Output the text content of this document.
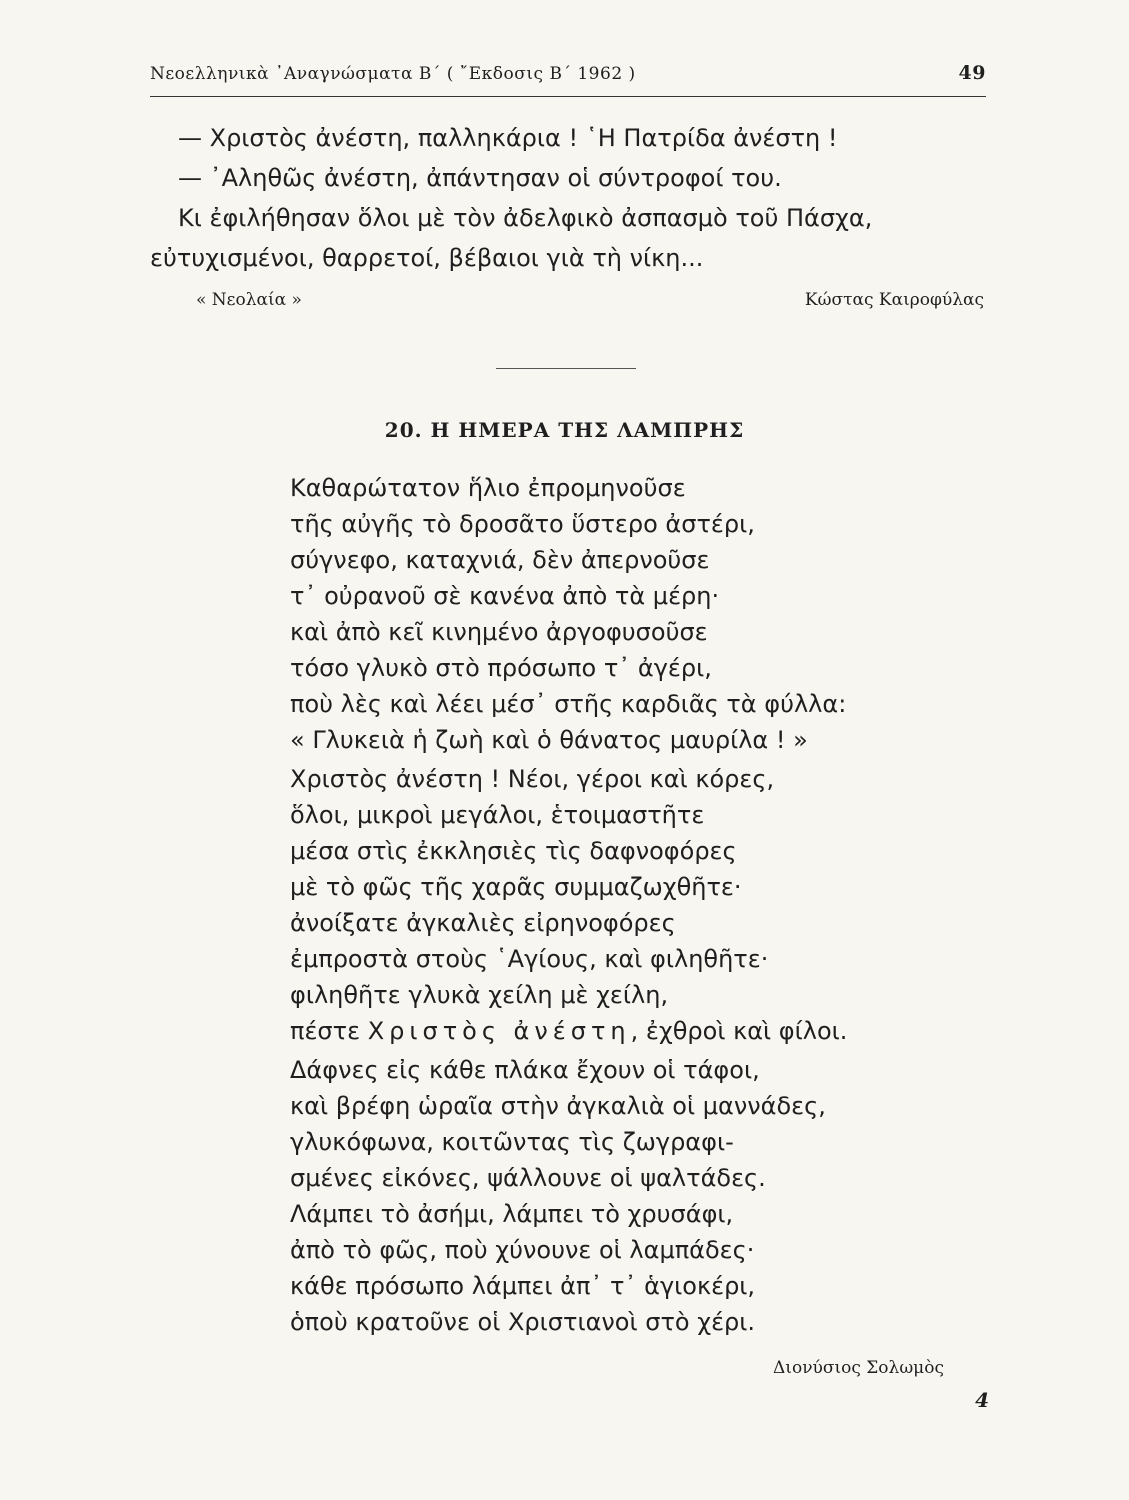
Νεοελληνικὰ ᾿Αναγνώσματα Β΄ ( ῎Εκδοσις Β΄ 1962 )	49
— Χριστὸς ἀνέστη, παλληκάρια ! ῾Η Πατρίδα ἀνέστη !
— ᾿Αληθῶς ἀνέστη, ἀπάντησαν οἱ σύντροφοί του.
Κι ἐφιλήθησαν ὅλοι μὲ τὸν ἀδελφικὸ ἀσπασμὸ τοῦ Πάσχα,
εὐτυχισμένοι, θαρρετοί, βέβαιοι γιὰ τὴ νίκη...
« Νεολαία »	Κώστας Καιροφύλας
20. Η ΗΜΕΡΑ ΤΗΣ ΛΑΜΠΡΗΣ
Καθαρώτατον ἥλιο ἐπρομηνοῦσε
τῆς αὐγῆς τὸ δροσᾶτο ὕστερο ἀστέρι,
σύγνεφο, καταχνιά, δὲν ἀπερνοῦσε
τ᾿ οὐρανοῦ σὲ κανένα ἀπὸ τὰ μέρη·
καὶ ἀπὸ κεῖ κινημένο ἀργοφυσοῦσε
τόσο γλυκὸ στὸ πρόσωπο τ᾿ ἀγέρι,
ποὺ λὲς καὶ λέει μέσ᾿ στῆς καρδιᾶς τὰ φύλλα:
« Γλυκειὰ ἡ ζωὴ καὶ ὁ θάνατος μαυρίλα ! »
Χριστὸς ἀνέστη ! Νέοι, γέροι καὶ κόρες,
ὅλοι, μικροὶ μεγάλοι, ἑτοιμαστῆτε
μέσα στὶς ἐκκλησιὲς τὶς δαφνοφόρες
μὲ τὸ φῶς τῆς χαρᾶς συμμαζωχθῆτε·
ἀνοίξατε ἀγκαλιὲς εἰρηνοφόρες
ἐμπροστὰ στοὺς ῾Αγίους, καὶ φιληθῆτε·
φιληθῆτε γλυκὰ χείλη μὲ χείλη,
πέστε Χριστὸς ἀνέστη, ἐχθροὶ καὶ φίλοι.
Δάφνες εἰς κάθε πλάκα ἔχουν οἱ τάφοι,
καὶ βρέφη ὡραῖα στὴν ἀγκαλιὰ οἱ μαννάδες,
γλυκόφωνα, κοιτῶντας τὶς ζωγραφι-
σμένες εἰκόνες, ψάλλουνε οἱ ψαλτάδες.
Λάμπει τὸ ἀσήμι, λάμπει τὸ χρυσάφι,
ἀπὸ τὸ φῶς, ποὺ χύνουνε οἱ λαμπάδες·
κάθε πρόσωπο λάμπει ἀπ᾿ τ᾿ ἁγιοκέρι,
ὁποὺ κρατοῦνε οἱ Χριστιανοὶ στὸ χέρι.
Διονύσιος Σολωμὸς
4
